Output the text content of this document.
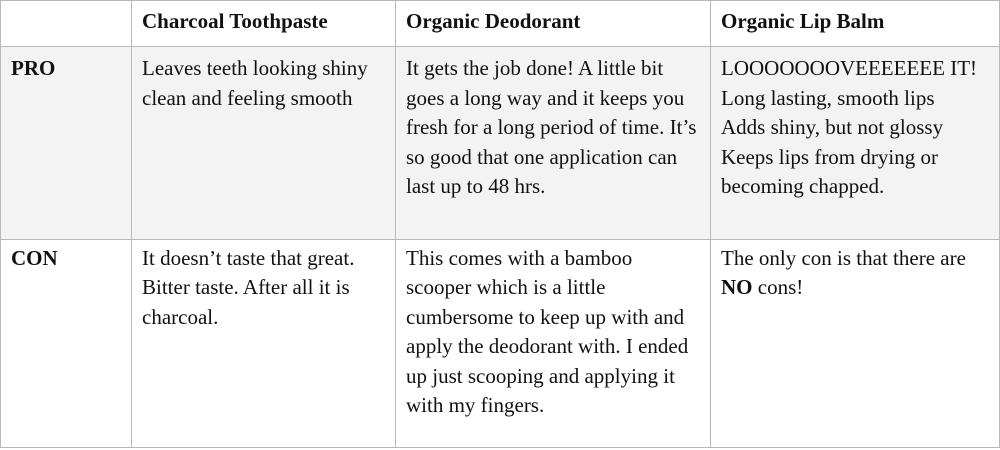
	Charcoal Toothpaste	Organic Deodorant	Organic Lip Balm
PRO	Leaves teeth looking shiny clean and feeling smooth	It gets the job done! A little bit goes a long way and it keeps you fresh for a long period of time. It’s so good that one application can last up to 48 hrs.	LOOOOOOOVEEEEEEE IT! Long lasting, smooth lips
Adds shiny, but not glossy
Keeps lips from drying or becoming chapped.

CON	It doesn’t taste that great. Bitter taste. After all it is charcoal.	This comes with a bamboo scooper which is a little cumbersome to keep up with and apply the deodorant with. I ended up just scooping and applying it with my fingers.	The only con is that there are NO cons!
